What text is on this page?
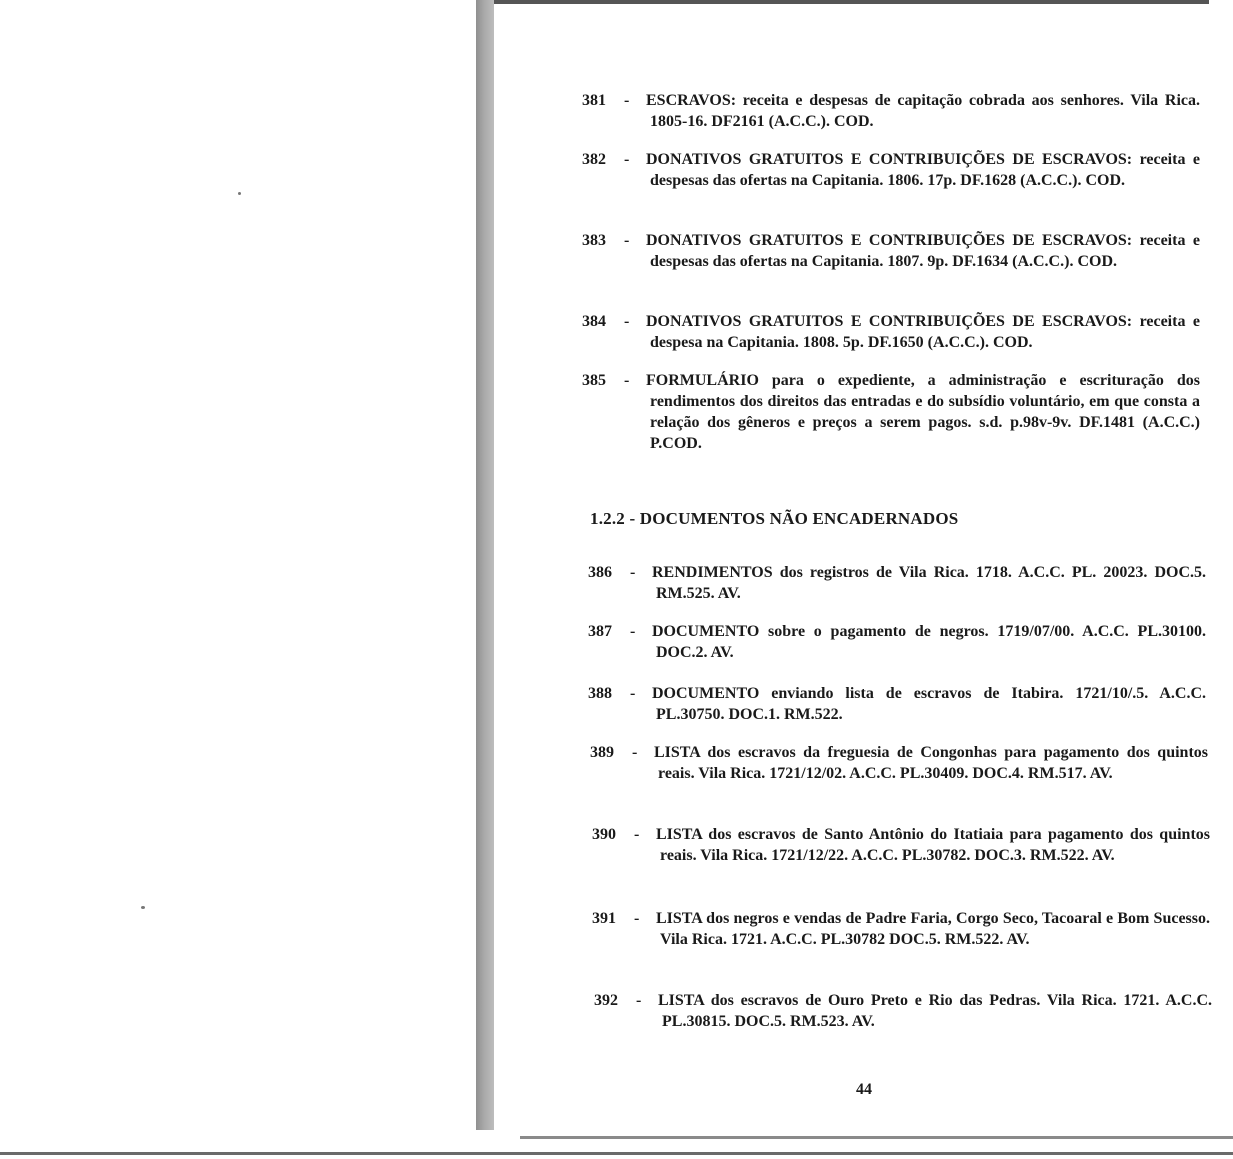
381 - ESCRAVOS: receita e despesas de capitação cobrada aos senhores. Vila Rica. 1805-16. DF2161 (A.C.C.). COD.
382 - DONATIVOS GRATUITOS E CONTRIBUIÇÕES DE ESCRAVOS: receita e despesas das ofertas na Capitania. 1806. 17p. DF.1628 (A.C.C.). COD.
383 - DONATIVOS GRATUITOS E CONTRIBUIÇÕES DE ESCRAVOS: receita e despesas das ofertas na Capitania. 1807. 9p. DF.1634 (A.C.C.). COD.
384 - DONATIVOS GRATUITOS E CONTRIBUIÇÕES DE ESCRAVOS: receita e despesa na Capitania. 1808. 5p. DF.1650 (A.C.C.). COD.
385 - FORMULÁRIO para o expediente, a administração e escrituração dos rendimentos dos direitos das entradas e do subsídio voluntário, em que consta a relação dos gêneros e preços a serem pagos. s.d. p.98v-9v. DF.1481 (A.C.C.) P.COD.
1.2.2 - DOCUMENTOS NÃO ENCADERNADOS
386 - RENDIMENTOS dos registros de Vila Rica. 1718. A.C.C. PL. 20023. DOC.5. RM.525. AV.
387 - DOCUMENTO sobre o pagamento de negros. 1719/07/00. A.C.C. PL.30100. DOC.2. AV.
388 - DOCUMENTO enviando lista de escravos de Itabira. 1721/10/.5. A.C.C. PL.30750. DOC.1. RM.522.
389 - LISTA dos escravos da freguesia de Congonhas para pagamento dos quintos reais. Vila Rica. 1721/12/02. A.C.C. PL.30409. DOC.4. RM.517. AV.
390 - LISTA dos escravos de Santo Antônio do Itatiaia para pagamento dos quintos reais. Vila Rica. 1721/12/22. A.C.C. PL.30782. DOC.3. RM.522. AV.
391 - LISTA dos negros e vendas de Padre Faria, Corgo Seco, Tacoaral e Bom Sucesso. Vila Rica. 1721. A.C.C. PL.30782 DOC.5. RM.522. AV.
392 - LISTA dos escravos de Ouro Preto e Rio das Pedras. Vila Rica. 1721. A.C.C. PL.30815. DOC.5. RM.523. AV.
44
